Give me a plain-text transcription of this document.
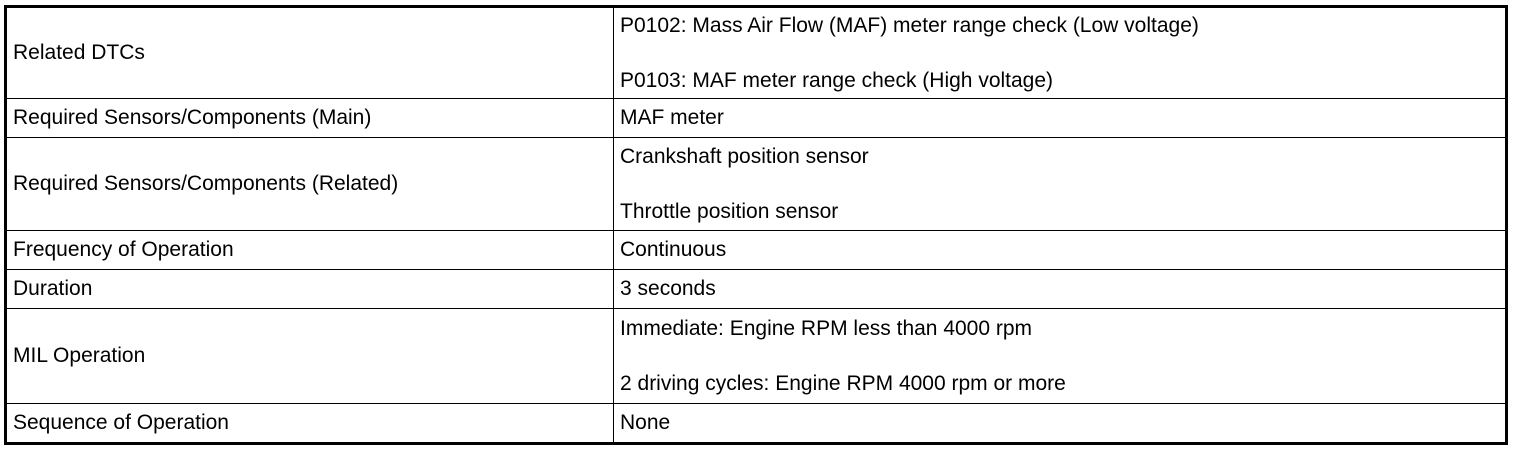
Related DTCs	P0102: Mass Air Flow (MAF) meter range check (Low voltage)
P0103: MAF meter range check (High voltage)

Required Sensors/Components (Main)	MAF meter

Required Sensors/Components (Related)	Crankshaft position sensor
Throttle position sensor

Frequency of Operation	Continuous

Duration	3 seconds

MIL Operation	Immediate: Engine RPM less than 4000 rpm
2 driving cycles: Engine RPM 4000 rpm or more

Sequence of Operation	None
